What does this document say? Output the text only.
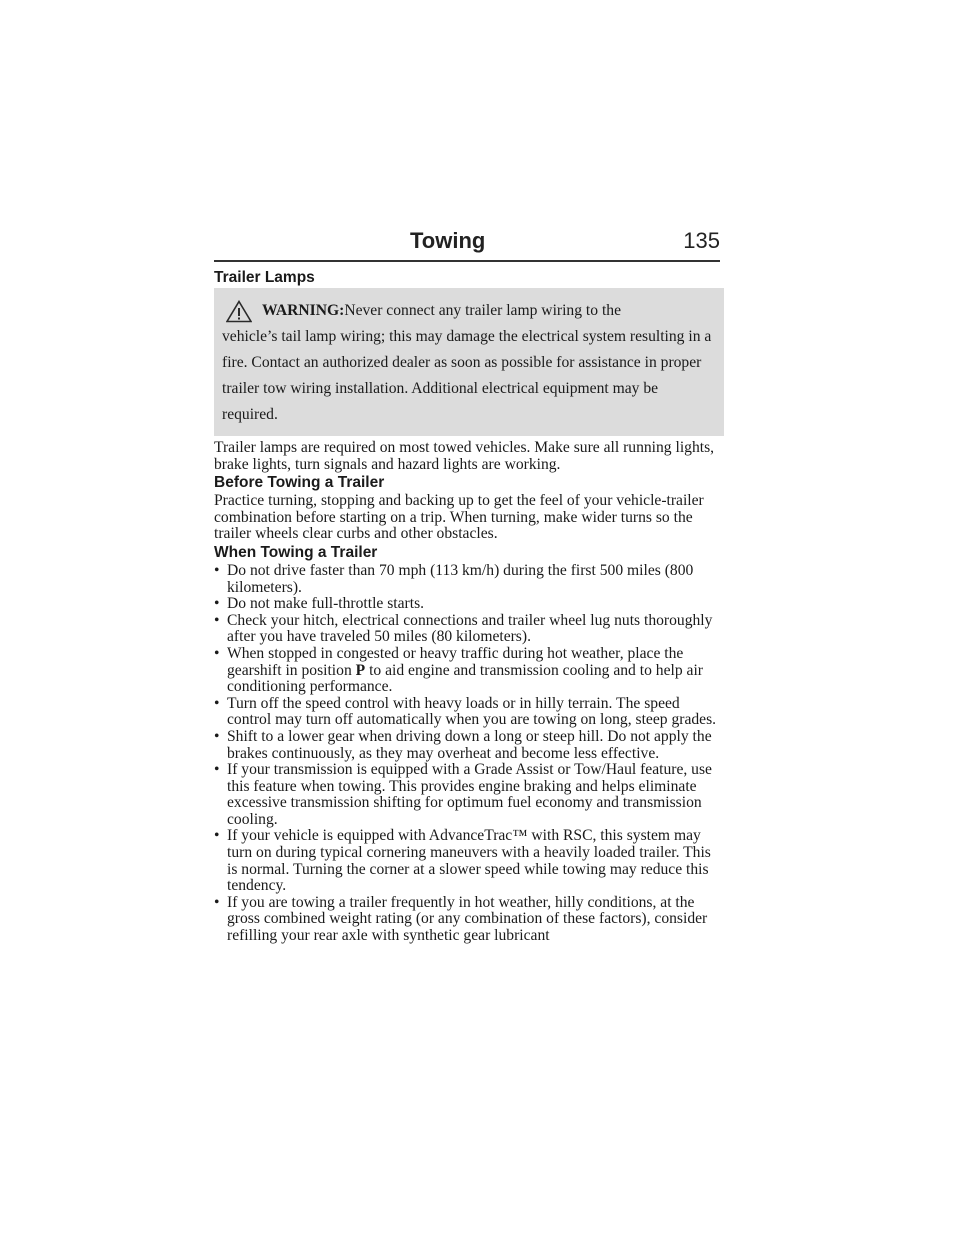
Towing	135
Trailer Lamps
WARNING:Never connect any trailer lamp wiring to the
vehicle’s tail lamp wiring; this may damage the electrical system resulting in a fire. Contact an authorized dealer as soon as possible for assistance in proper trailer tow wiring installation. Additional electrical equipment may be required.

Trailer lamps are required on most towed vehicles. Make sure all running lights, brake lights, turn signals and hazard lights are working.

Before Towing a Trailer

Practice turning, stopping and backing up to get the feel of your vehicle-trailer combination before starting on a trip. When turning, make wider turns so the trailer wheels clear curbs and other obstacles.

When Towing a Trailer
• Do not drive faster than 70 mph (113 km/h) during the first 500 miles (800 kilometers).
• Do not make full-throttle starts.
• Check your hitch, electrical connections and trailer wheel lug nuts thoroughly after you have traveled 50 miles (80 kilometers).
• When stopped in congested or heavy traffic during hot weather, place the gearshift in position P to aid engine and transmission cooling and to help air conditioning performance.
• Turn off the speed control with heavy loads or in hilly terrain. The speed control may turn off automatically when you are towing on long, steep grades.
• Shift to a lower gear when driving down a long or steep hill. Do not apply the brakes continuously, as they may overheat and become less effective.
• If your transmission is equipped with a Grade Assist or Tow/Haul feature, use this feature when towing. This provides engine braking and helps eliminate excessive transmission shifting for optimum fuel economy and transmission cooling.
• If your vehicle is equipped with AdvanceTrac™ with RSC, this system may turn on during typical cornering maneuvers with a heavily loaded trailer. This is normal. Turning the corner at a slower speed while towing may reduce this tendency.
• If you are towing a trailer frequently in hot weather, hilly conditions, at the gross combined weight rating (or any combination of these factors), consider refilling your rear axle with synthetic gear lubricant
